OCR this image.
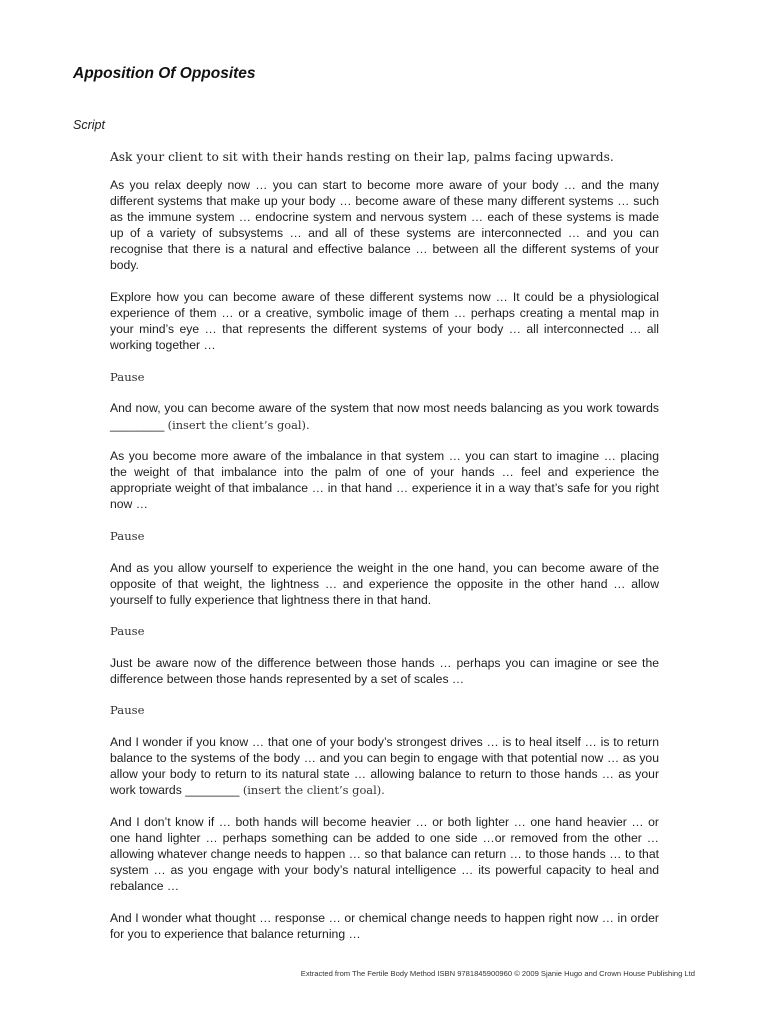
Apposition Of Opposites

Script

Ask your client to sit with their hands resting on their lap, palms facing upwards.

As you relax deeply now … you can start to become more aware of your body … and the many different systems that make up your body … become aware of these many different systems … such as the immune system … endocrine system and nervous system … each of these systems is made up of a variety of subsystems … and all of these systems are interconnected … and you can recognise that there is a natural and effective balance … between all the different systems of your body.

Explore how you can become aware of these different systems now … It could be a physiological experience of them … or a creative, symbolic image of them … perhaps creating a mental map in your mind’s eye … that represents the different systems of your body … all interconnected … all working together …

Pause

And now, you can become aware of the system that now most needs balancing as you work towards ________ (insert the client’s goal).

As you become more aware of the imbalance in that system … you can start to imagine … placing the weight of that imbalance into the palm of one of your hands … feel and experience the appropriate weight of that imbalance … in that hand … experience it in a way that’s safe for you right now …

Pause

And as you allow yourself to experience the weight in the one hand, you can become aware of the opposite of that weight, the lightness … and experience the opposite in the other hand … allow yourself to fully experience that lightness there in that hand.

Pause

Just be aware now of the difference between those hands … perhaps you can imagine or see the difference between those hands represented by a set of scales …

Pause

And I wonder if you know … that one of your body’s strongest drives … is to heal itself … is to return balance to the systems of the body … and you can begin to engage with that potential now … as you allow your body to return to its natural state … allowing balance to return to those hands … as your work towards ________ (insert the client’s goal).

And I don’t know if … both hands will become heavier … or both lighter … one hand heavier … or one hand lighter … perhaps something can be added to one side …or removed from the other … allowing whatever change needs to happen … so that balance can return … to those hands … to that system … as you engage with your body’s natural intelligence … its powerful capacity to heal and rebalance …

And I wonder what thought … response … or chemical change needs to happen right now … in order for you to experience that balance returning …

Extracted from The Fertile Body Method ISBN 9781845900960 © 2009 Sjanie Hugo and Crown House Publishing Ltd
